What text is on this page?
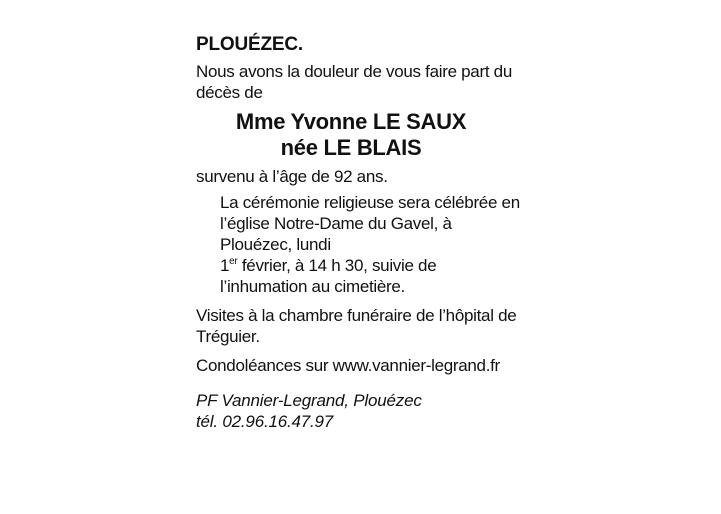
PLOUÉZEC.

Nous avons la douleur de vous faire part du décès de

Mme Yvonne LE SAUX
née LE BLAIS

survenu à l’âge de 92 ans.

La cérémonie religieuse sera célébrée en l’église Notre-Dame du Gavel, à Plouézec, lundi
1er février, à 14 h 30, suivie de l’inhumation au cimetière.

Visites à la chambre funéraire de l’hôpital de Tréguier.

Condoléances sur www.vannier-legrand.fr

PF Vannier-Legrand, Plouézec
tél. 02.96.16.47.97
